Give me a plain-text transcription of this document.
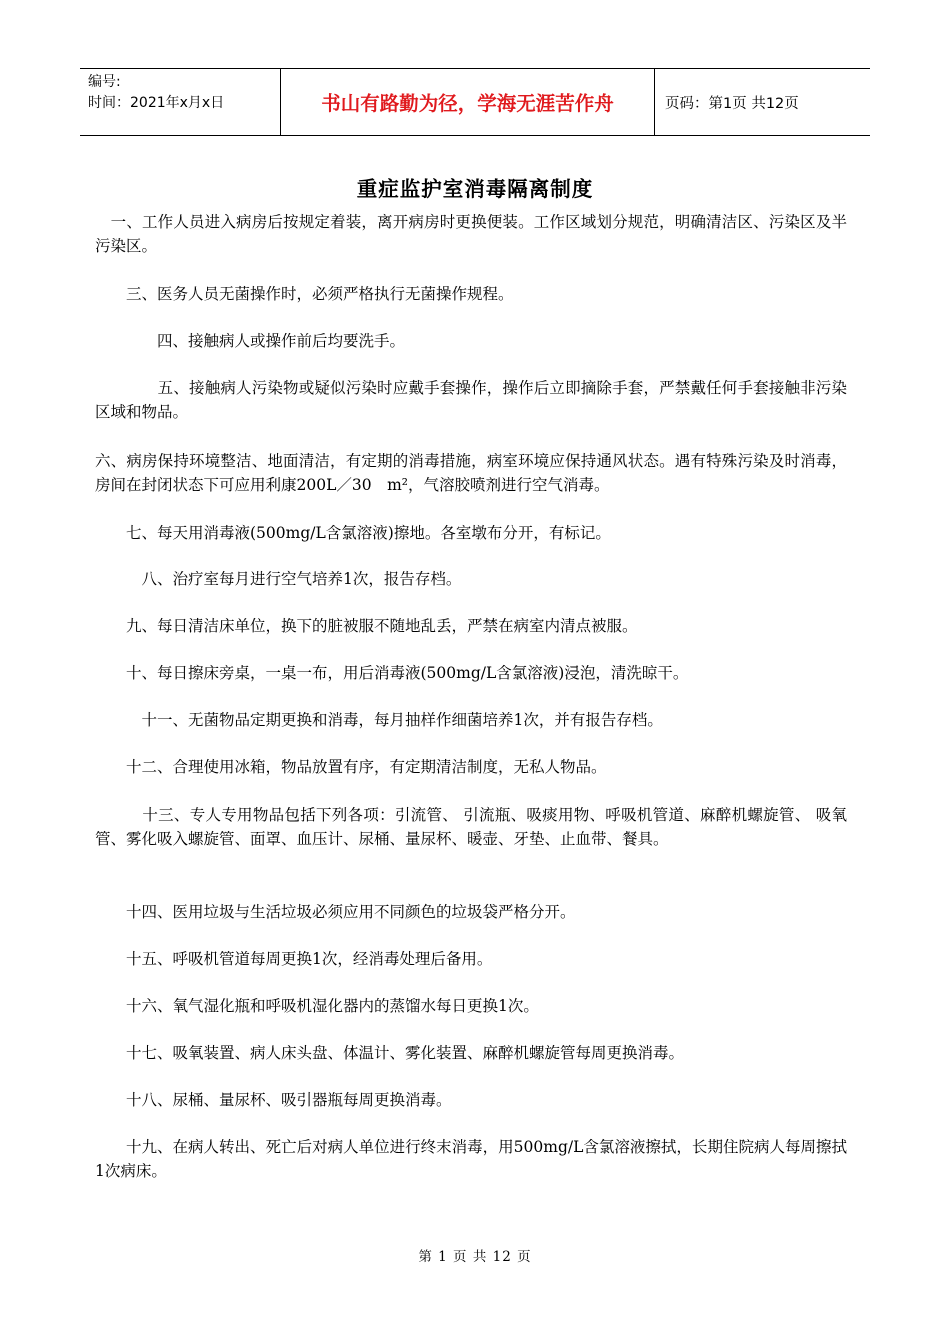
编号:
时间：2021年x月x日	书山有路勤为径，学海无涯苦作舟	页码：第1页 共12页
重症监护室消毒隔离制度
　一、工作人员进入病房后按规定着装，离开病房时更换便装。工作区域划分规范，明确清洁区、污染区及半污染区。
　　三、医务人员无菌操作时，必须严格执行无菌操作规程。
　　　　四、接触病人或操作前后均要洗手。
　　　　五、接触病人污染物或疑似污染时应戴手套操作，操作后立即摘除手套，严禁戴任何手套接触非污染区域和物品。
六、病房保持环境整洁、地面清洁，有定期的消毒措施，病室环境应保持通风状态。遇有特殊污染及时消毒，房间在封闭状态下可应用利康200L／30　m²，气溶胶喷剂进行空气消毒。
　　七、每天用消毒液(500mg/L含氯溶液)擦地。各室墩布分开，有标记。
　　　八、治疗室每月进行空气培养1次，报告存档。
　　九、每日清洁床单位，换下的脏被服不随地乱丢，严禁在病室内清点被服。
　　十、每日擦床旁桌，一桌一布，用后消毒液(500mg/L含氯溶液)浸泡，清洗晾干。
　　　十一、无菌物品定期更换和消毒，每月抽样作细菌培养1次，并有报告存档。
　　十二、合理使用冰箱，物品放置有序，有定期清洁制度，无私人物品。
　　　十三、专人专用物品包括下列各项：引流管、 引流瓶、吸痰用物、呼吸机管道、麻醉机螺旋管、 吸氧管、雾化吸入螺旋管、面罩、血压计、尿桶、量尿杯、暖壶、牙垫、止血带、餐具。
　　十四、医用垃圾与生活垃圾必须应用不同颜色的垃圾袋严格分开。
　　十五、呼吸机管道每周更换1次，经消毒处理后备用。
　　十六、氧气湿化瓶和呼吸机湿化器内的蒸馏水每日更换1次。
　　十七、吸氧装置、病人床头盘、体温计、雾化装置、麻醉机螺旋管每周更换消毒。
　　十八、尿桶、量尿杯、吸引器瓶每周更换消毒。
　　十九、在病人转出、死亡后对病人单位进行终末消毒，用500mg/L含氯溶液擦拭，长期住院病人每周擦拭1次病床。
第 1 页 共 12 页
